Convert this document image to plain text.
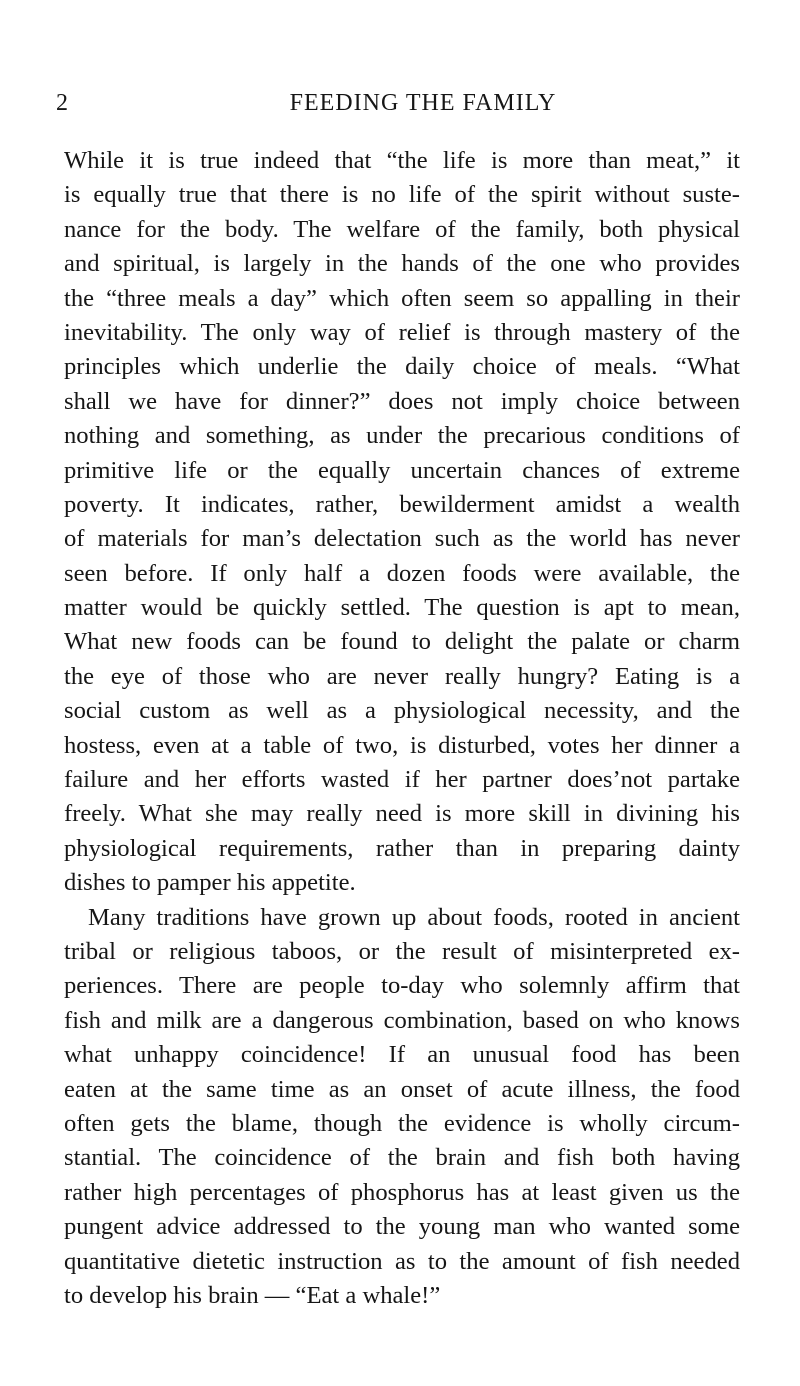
2	FEEDING THE FAMILY
While it is true indeed that “the life is more than meat,” it
is equally true that there is no life of the spirit without suste-
nance for the body. The welfare of the family, both physical
and spiritual, is largely in the hands of the one who provides
the “three meals a day” which often seem so appalling in their
inevitability. The only way of relief is through mastery of the
principles which underlie the daily choice of meals. “What
shall we have for dinner?” does not imply choice between
nothing and something, as under the precarious conditions of
primitive life or the equally uncertain chances of extreme
poverty. It indicates, rather, bewilderment amidst a wealth
of materials for man’s delectation such as the world has never
seen before. If only half a dozen foods were available, the
matter would be quickly settled. The question is apt to mean,
What new foods can be found to delight the palate or charm
the eye of those who are never really hungry? Eating is a
social custom as well as a physiological necessity, and the
hostess, even at a table of two, is disturbed, votes her dinner a
failure and her efforts wasted if her partner does’not partake
freely. What she may really need is more skill in divining his
physiological requirements, rather than in preparing dainty
dishes to pamper his appetite.
Many traditions have grown up about foods, rooted in ancient
tribal or religious taboos, or the result of misinterpreted ex-
periences. There are people to-day who solemnly affirm that
fish and milk are a dangerous combination, based on who knows
what unhappy coincidence! If an unusual food has been
eaten at the same time as an onset of acute illness, the food
often gets the blame, though the evidence is wholly circum-
stantial. The coincidence of the brain and fish both having
rather high percentages of phosphorus has at least given us the
pungent advice addressed to the young man who wanted some
quantitative dietetic instruction as to the amount of fish needed
to develop his brain — “Eat a whale!”
